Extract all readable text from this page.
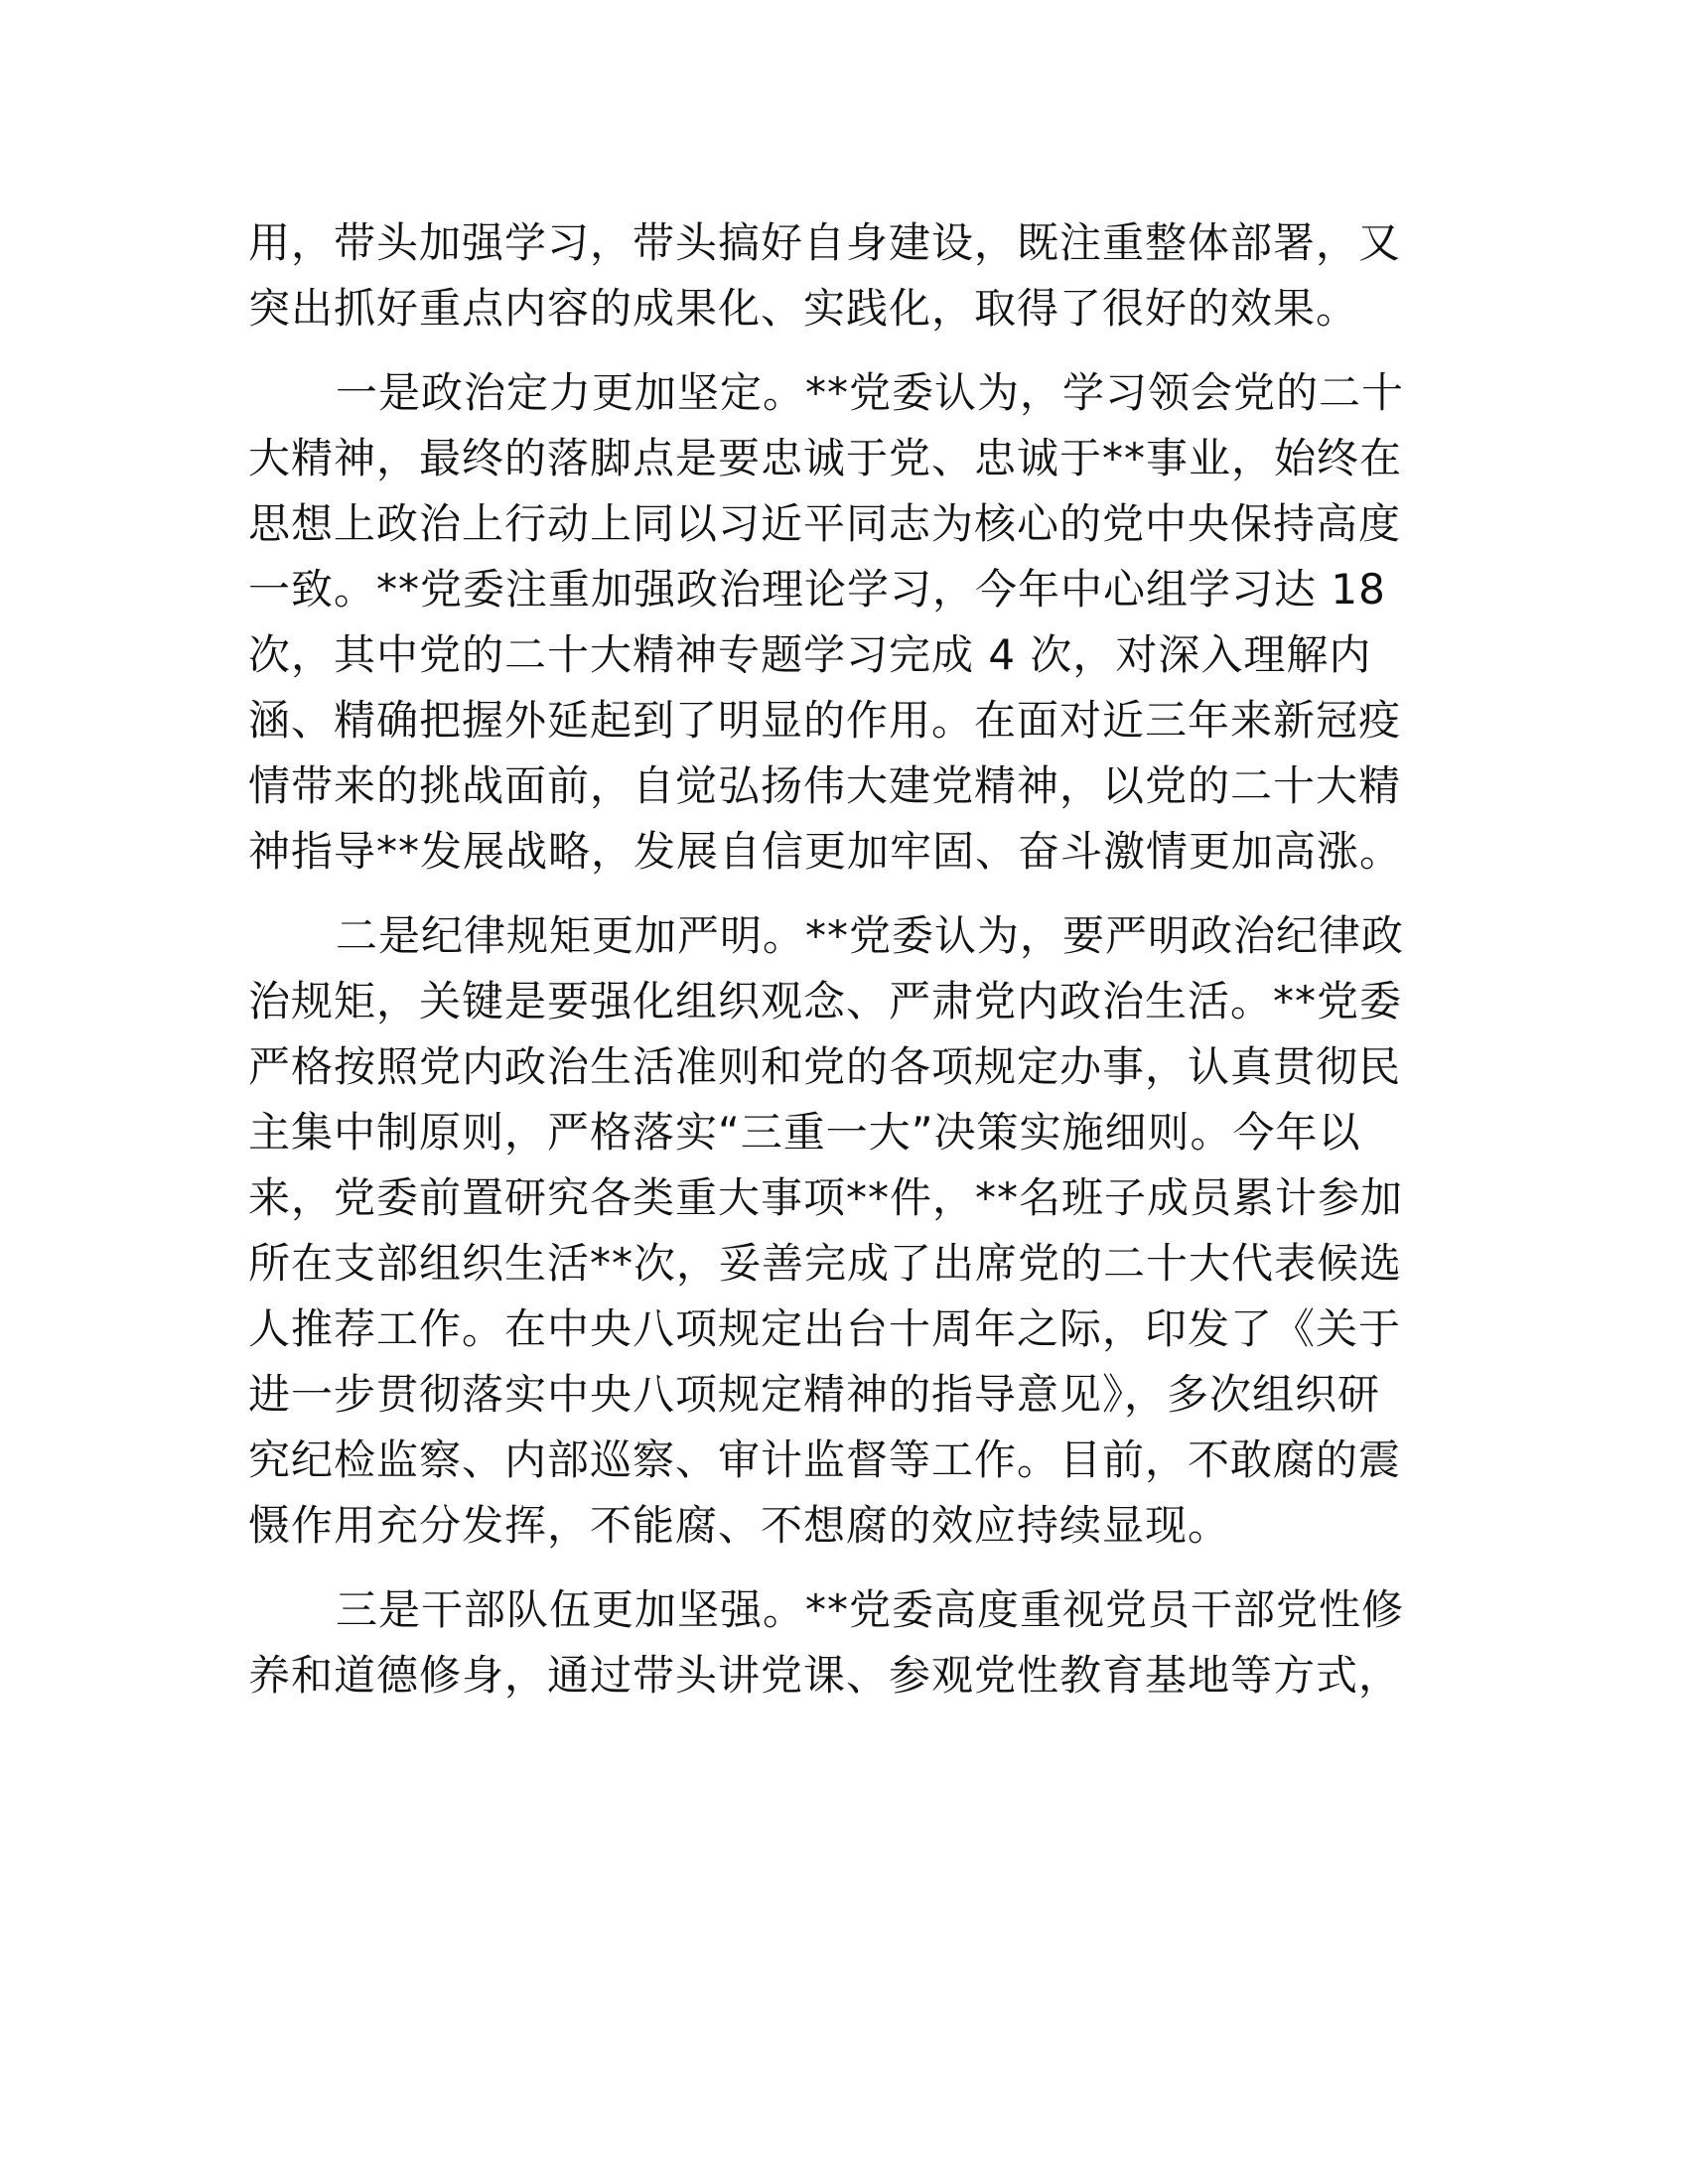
用，带头加强学习，带头搞好自身建设，既注重整体部署，又
突出抓好重点内容的成果化、实践化，取得了很好的效果。

一是政治定力更加坚定。**党委认为，学习领会党的二十
大精神，最终的落脚点是要忠诚于党、忠诚于**事业，始终在
思想上政治上行动上同以习近平同志为核心的党中央保持高度
一致。**党委注重加强政治理论学习，今年中心组学习达 18
次，其中党的二十大精神专题学习完成 4 次，对深入理解内
涵、精确把握外延起到了明显的作用。在面对近三年来新冠疫
情带来的挑战面前，自觉弘扬伟大建党精神，以党的二十大精
神指导**发展战略，发展自信更加牢固、奋斗激情更加高涨。

二是纪律规矩更加严明。**党委认为，要严明政治纪律政
治规矩，关键是要强化组织观念、严肃党内政治生活。**党委
严格按照党内政治生活准则和党的各项规定办事，认真贯彻民
主集中制原则，严格落实“三重一大”决策实施细则。今年以
来，党委前置研究各类重大事项**件，**名班子成员累计参加
所在支部组织生活**次，妥善完成了出席党的二十大代表候选
人推荐工作。在中央八项规定出台十周年之际，印发了《关于
进一步贯彻落实中央八项规定精神的指导意见》，多次组织研
究纪检监察、内部巡察、审计监督等工作。目前，不敢腐的震
慑作用充分发挥，不能腐、不想腐的效应持续显现。

三是干部队伍更加坚强。**党委高度重视党员干部党性修
养和道德修身，通过带头讲党课、参观党性教育基地等方式，
